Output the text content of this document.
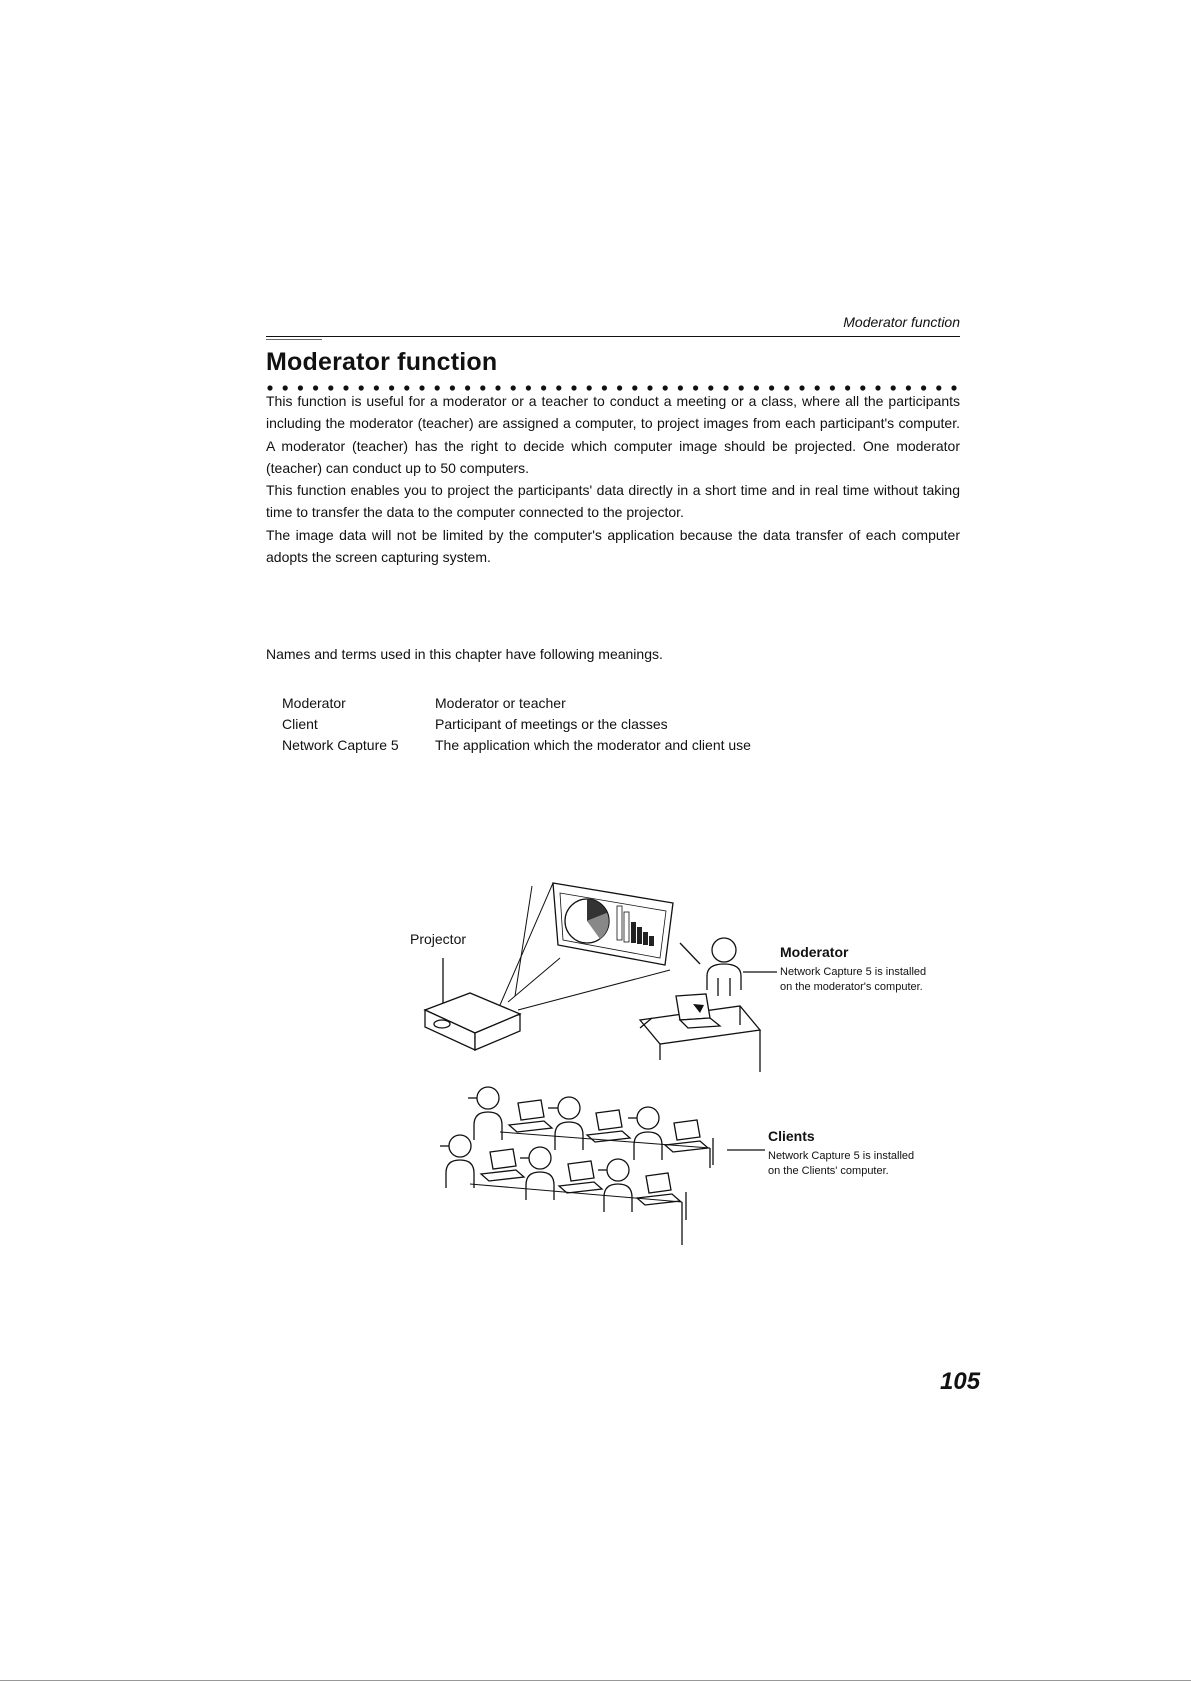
Moderator function
Moderator function

This function is useful for a moderator or a teacher to conduct a meeting or a class, where all the participants including the moderator (teacher) are assigned a computer, to project images from each participant's computer. A moderator (teacher) has the right to decide which computer image should be projected. One moderator (teacher) can conduct up to 50 computers.

This function enables you to project the participants' data directly in a short time and in real time without taking time to transfer the data to the computer connected to the projector.

The image data will not be limited by the computer's application because the data transfer of each computer adopts the screen capturing system.

Names and terms used in this chapter have following meanings.
Moderator	Moderator or teacher
Client	Participant of meetings or the classes
Network Capture 5	The application which the moderator and client use
Projector
Moderator
Network Capture 5 is installed
on the moderator's computer.
Clients
Network Capture 5 is installed
on the Clients' computer.
105
